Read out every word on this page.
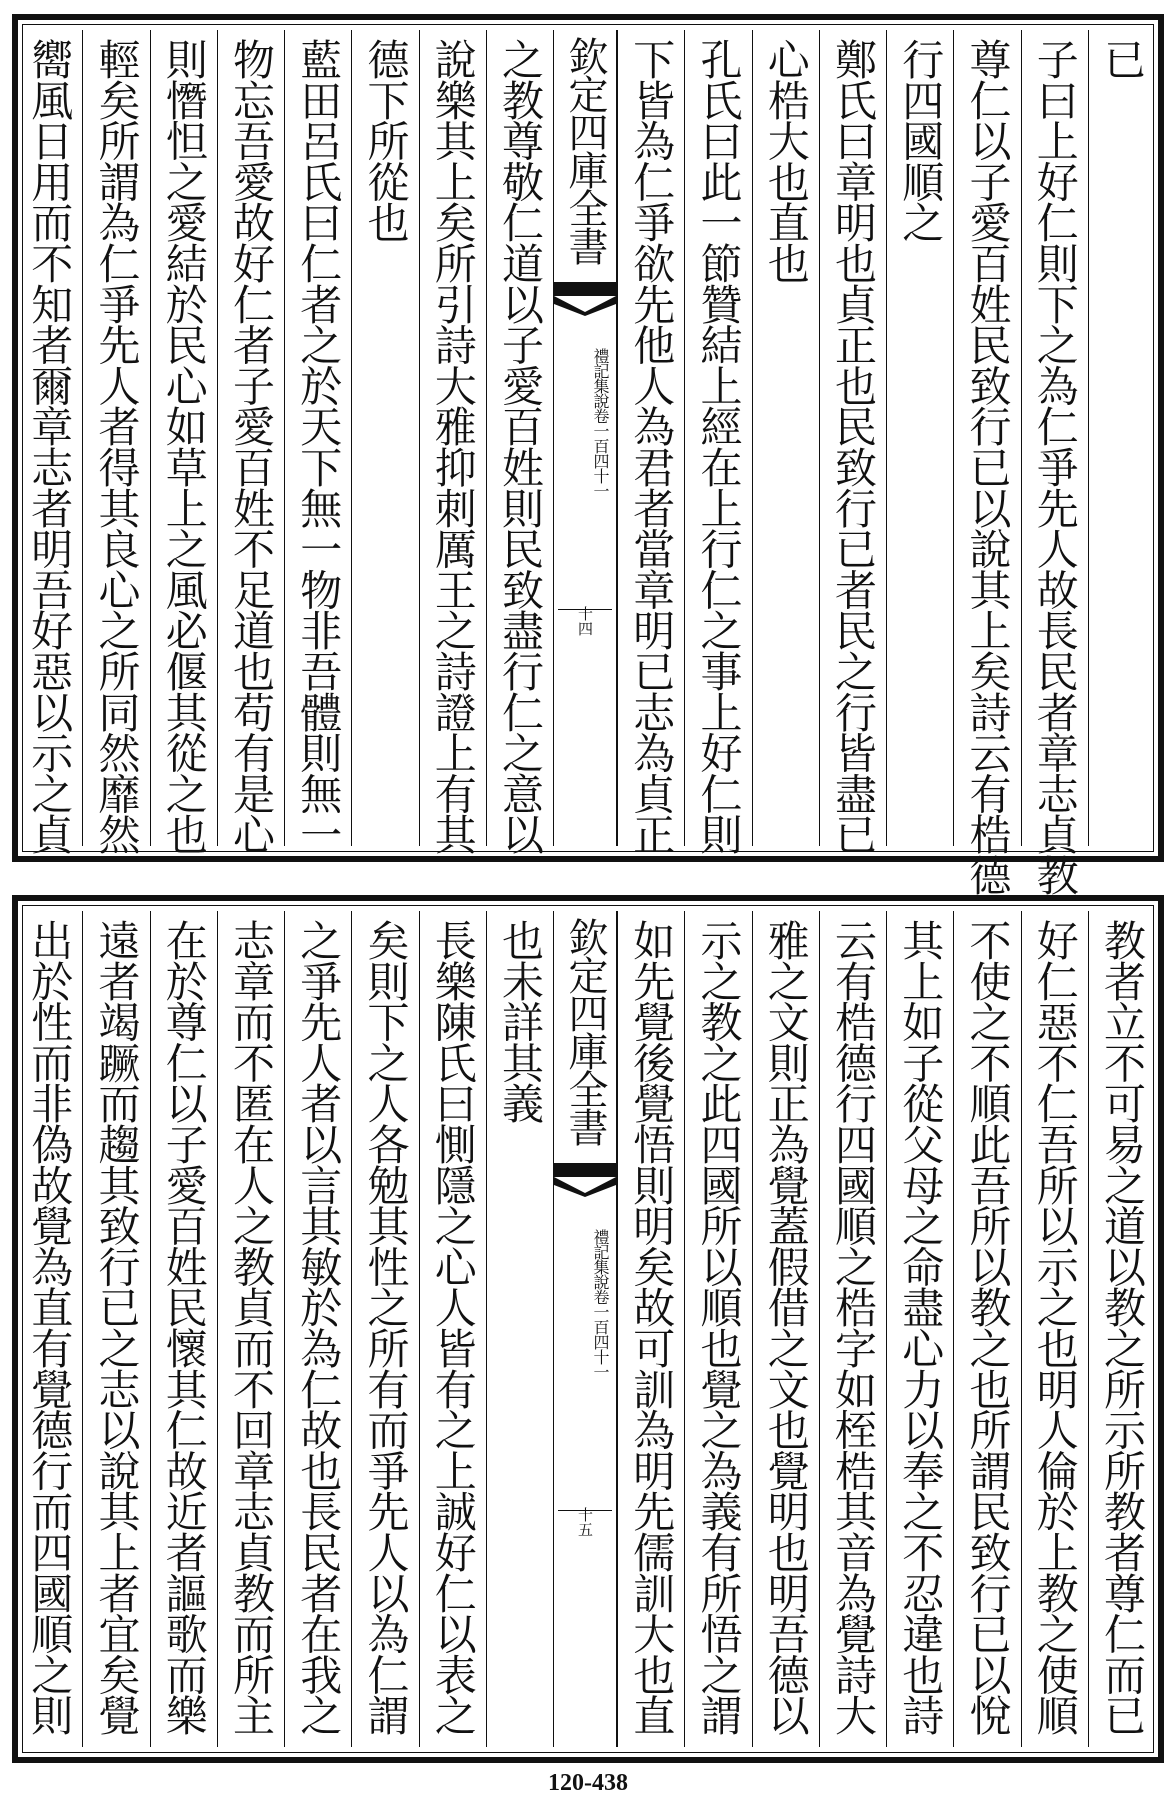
已
子曰上好仁則下之為仁爭先人故長民者章志貞教
尊仁以子愛百姓民致行已以說其上矣詩云有梏德
行四國順之
鄭氏曰章明也貞正也民致行已者民之行皆盡已
心梏大也直也
孔氏曰此一節贊結上經在上行仁之事上好仁則
下皆為仁爭欲先他人為君者當章明已志為貞正
之教尊敬仁道以子愛百姓則民致盡行仁之意以
說樂其上矣所引詩大雅抑刺厲王之詩證上有其
德下所從也
藍田呂氏曰仁者之於天下無一物非吾體則無一
物忘吾愛故好仁者子愛百姓不足道也苟有是心
則憯怛之愛結於民心如草上之風必偃其從之也
輕矣所謂為仁爭先人者得其良心之所同然靡然
嚮風日用而不知者爾章志者明吾好惡以示之貞	欽定四庫全書
禮記集說卷一百四十一
十四
教者立不可易之道以教之所示所教者尊仁而已
好仁惡不仁吾所以示之也明人倫於上教之使順
不使之不順此吾所以教之也所謂民致行已以悅
其上如子從父母之命盡心力以奉之不忍違也詩
云有梏德行四國順之梏字如桎梏其音為覺詩大
雅之文則正為覺蓋假借之文也覺明也明吾德以
示之教之此四國所以順也覺之為義有所悟之謂
如先覺後覺悟則明矣故可訓為明先儒訓大也直
也未詳其義
長樂陳氏曰惻隱之心人皆有之上誠好仁以表之
矣則下之人各勉其性之所有而爭先人以為仁謂
之爭先人者以言其敏於為仁故也長民者在我之
志章而不匿在人之教貞而不回章志貞教而所主
在於尊仁以子愛百姓民懷其仁故近者謳歌而樂
遠者竭蹶而趨其致行已之志以說其上者宜矣覺
出於性而非偽故覺為直有覺德行而四國順之則	欽定四庫全書
禮記集說卷一百四十一
十五
120-438
